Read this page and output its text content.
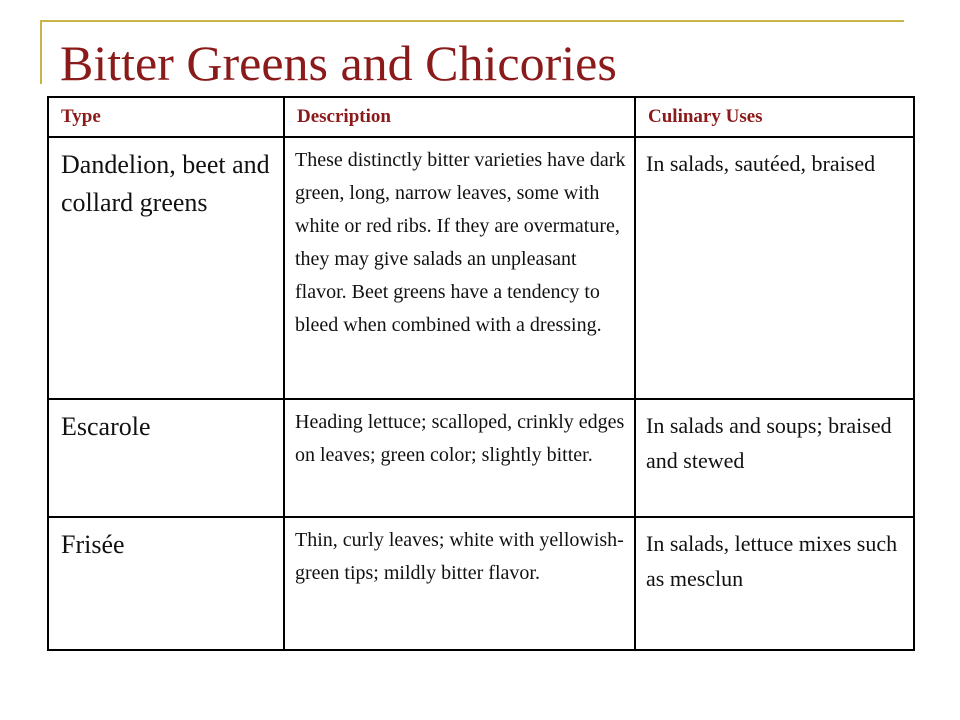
Bitter Greens and Chicories
Type	Description	Culinary Uses
Dandelion, beet and collard greens	These distinctly bitter varieties have dark green, long, narrow leaves, some with white or red ribs. If they are overmature, they may give salads an unpleasant flavor. Beet greens have a tendency to bleed when combined with a dressing.	In salads, sautéed, braised
Escarole	Heading lettuce; scalloped, crinkly edges on leaves; green color; slightly bitter.	In salads and soups; braised and stewed
Frisée	Thin, curly leaves; white with yellowish-green tips; mildly bitter flavor.	In salads, lettuce mixes such as mesclun
